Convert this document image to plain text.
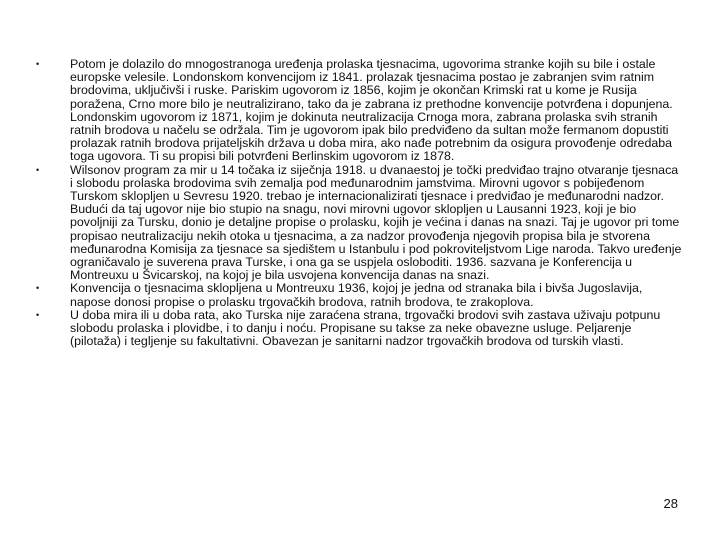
• Potom je dolazilo do mnogostranoga uređenja prolaska tjesnacima, ugovorima stranke kojih su bile i ostale europske velesile. Londonskom konvencijom iz 1841. prolazak tjesnacima postao je zabranjen svim ratnim brodovima, uključivši i ruske. Pariskim ugovorom iz 1856, kojim je okončan Krimski rat u kome je Rusija poražena, Crno more bilo je neutralizirano, tako da je zabrana iz prethodne konvencije potvrđena i dopunjena. Londonskim ugovorom iz 1871, kojim je dokinuta neutralizacija Crnoga mora, zabrana prolaska svih stranih ratnih brodova u načelu se održala. Tim je ugovorom ipak bilo predviđeno da sultan može fermanom dopustiti prolazak ratnih brodova prijateljskih država u doba mira, ako nađe potrebnim da osigura provođenje odredaba toga ugovora. Ti su propisi bili potvrđeni Berlinskim ugovorom iz 1878.
• Wilsonov program za mir u 14 točaka iz siječnja 1918. u dvanaestoj je točki predviđao trajno otvaranje tjesnaca i slobodu prolaska brodovima svih zemalja pod međunarodnim jamstvima. Mirovni ugovor s pobijeđenom Turskom sklopljen u Sevresu 1920. trebao je internacionalizirati tjesnace i predviđao je međunarodni nadzor. Budući da taj ugovor nije bio stupio na snagu, novi mirovni ugovor sklopljen u Lausanni 1923, koji je bio povoljniji za Tursku, donio je detaljne propise o prolasku, kojih je većina i danas na snazi. Taj je ugovor pri tome propisao neutralizaciju nekih otoka u tjesnacima, a za nadzor provođenja njegovih propisa bila je stvorena međunarodna Komisija za tjesnace sa sjedištem u Istanbulu i pod pokroviteljstvom Lige naroda. Takvo uređenje ograničavalo je suverena prava Turske, i ona ga se uspjela osloboditi. 1936. sazvana je Konferencija u Montreuxu u Švicarskoj, na kojoj je bila usvojena konvencija danas na snazi.
• Konvencija o tjesnacima sklopljena u Montreuxu 1936, kojoj je jedna od stranaka bila i bivša Jugoslavija, napose donosi propise o prolasku trgovačkih brodova, ratnih brodova, te zrakoplova.
• U doba mira ili u doba rata, ako Turska nije zaraćena strana, trgovački brodovi svih zastava uživaju potpunu slobodu prolaska i plovidbe, i to danju i noću. Propisane su takse za neke obavezne usluge. Peljarenje (pilotaža) i tegljenje su fakultativni. Obavezan je sanitarni nadzor trgovačkih brodova od turskih vlasti.
28
